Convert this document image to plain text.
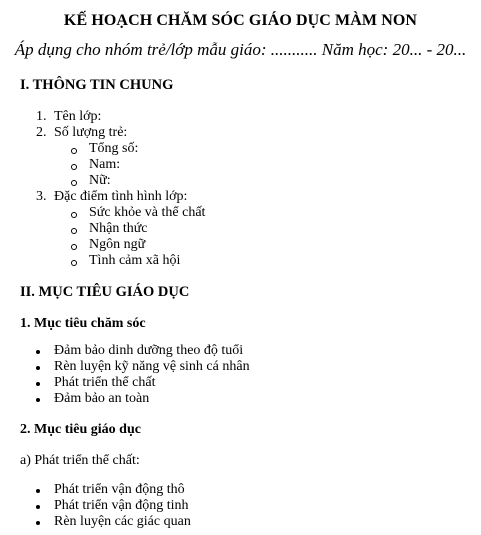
KẾ HOẠCH CHĂM SÓC GIÁO DỤC MÀM NON
Áp dụng cho nhóm trẻ/lớp mẫu giáo: ........... Năm học: 20... - 20...
I. THÔNG TIN CHUNG
1. Tên lớp:
2. Số lượng trẻ:
Tổng số:
Nam:
Nữ:
3. Đặc điểm tình hình lớp:
Sức khỏe và thể chất
Nhận thức
Ngôn ngữ
Tình cảm xã hội
II. MỤC TIÊU GIÁO DỤC
1. Mục tiêu chăm sóc
Đảm bảo dinh dưỡng theo độ tuổi
Rèn luyện kỹ năng vệ sinh cá nhân
Phát triển thể chất
Đảm bảo an toàn
2. Mục tiêu giáo dục
a) Phát triển thể chất:
Phát triển vận động thô
Phát triển vận động tinh
Rèn luyện các giác quan
